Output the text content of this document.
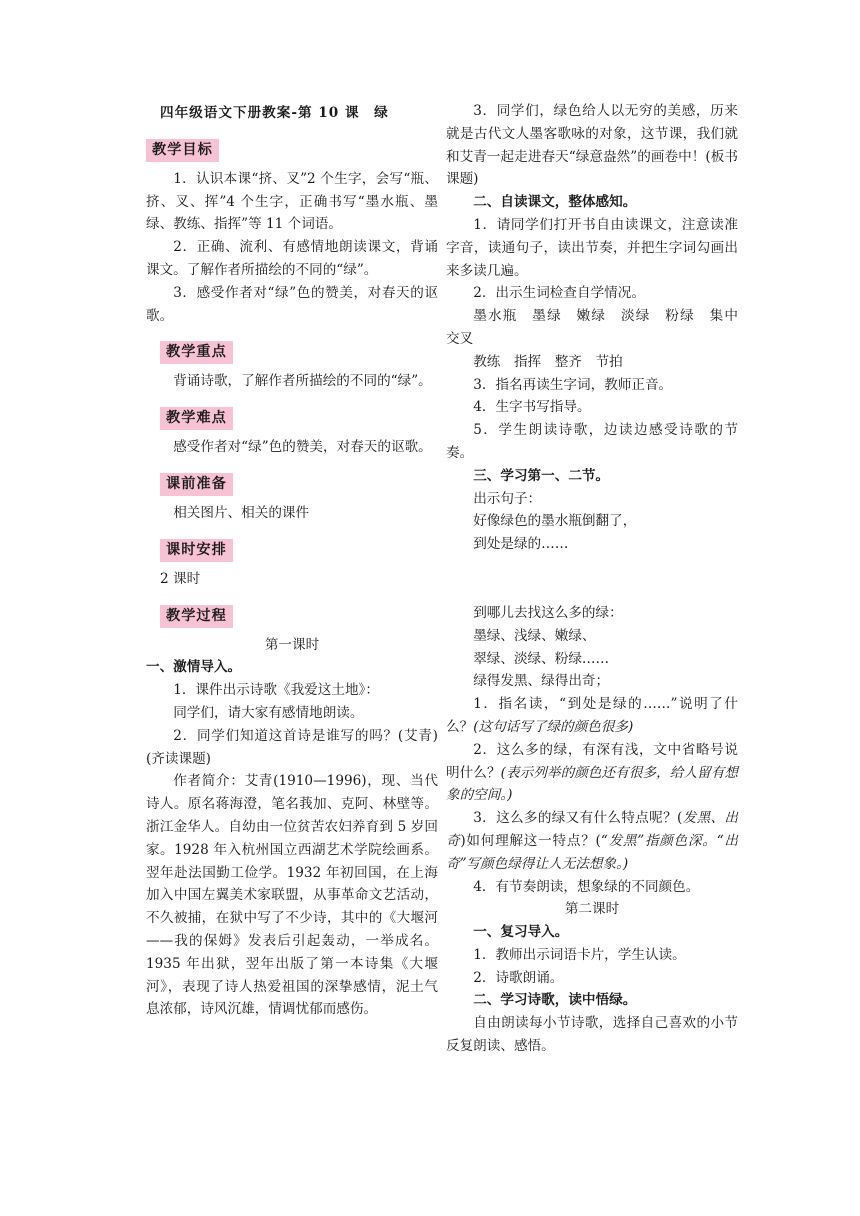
四年级语文下册教案-第 10 课　绿
教学目标

1．认识本课“挤、叉”2 个生字，会写“瓶、挤、叉、挥”4 个生字，正确书写“墨水瓶、墨绿、教练、指挥”等 11 个词语。

2．正确、流利、有感情地朗读课文，背诵课文。了解作者所描绘的不同的“绿”。

3．感受作者对“绿”色的赞美，对春天的讴歌。

教学重点

背诵诗歌，了解作者所描绘的不同的“绿”。

教学难点

感受作者对“绿”色的赞美，对春天的讴歌。

课前准备

相关图片、相关的课件

课时安排

2 课时

教学过程

第一课时

一、激情导入。

1．课件出示诗歌《我爱这土地》：

同学们，请大家有感情地朗读。

2．同学们知道这首诗是谁写的吗？(艾青)(齐读课题)

作者简介：艾青(1910—1996)，现、当代诗人。原名蒋海澄，笔名莪加、克阿、林壁等。浙江金华人。自幼由一位贫苦农妇养育到 5 岁回家。1928 年入杭州国立西湖艺术学院绘画系。翌年赴法国勤工俭学。1932 年初回国，在上海加入中国左翼美术家联盟，从事革命文艺活动，不久被捕，在狱中写了不少诗，其中的《大堰河——我的保姆》发表后引起轰动，一举成名。1935 年出狱，翌年出版了第一本诗集《大堰河》，表现了诗人热爱祖国的深挚感情，泥土气息浓郁，诗风沉雄，情调忧郁而感伤。

3．同学们，绿色给人以无穷的美感，历来就是古代文人墨客歌咏的对象，这节课，我们就和艾青一起走进春天“绿意盎然”的画卷中！(板书课题)

二、自读课文，整体感知。

1．请同学们打开书自由读课文，注意读准字音，读通句子，读出节奏，并把生字词勾画出来多读几遍。

2．出示生词检查自学情况。

墨水瓶　墨绿　嫩绿　淡绿　粉绿　集中　交叉

教练　指挥　整齐　节拍

3．指名再读生字词，教师正音。

4．生字书写指导。

5．学生朗读诗歌，边读边感受诗歌的节奏。

三、学习第一、二节。

出示句子：

好像绿色的墨水瓶倒翻了，

到处是绿的……

到哪儿去找这么多的绿：

墨绿、浅绿、嫩绿、

翠绿、淡绿、粉绿……

绿得发黑、绿得出奇；

1．指名读，“到处是绿的……”说明了什么？(这句话写了绿的颜色很多)

2．这么多的绿，有深有浅，文中省略号说明什么？(表示列举的颜色还有很多，给人留有想象的空间。)

3．这么多的绿又有什么特点呢？(发黑、出奇)如何理解这一特点？(“发黑”指颜色深。“出奇”写颜色绿得让人无法想象。)

4．有节奏朗读，想象绿的不同颜色。

第二课时

一、复习导入。

1．教师出示词语卡片，学生认读。

2．诗歌朗诵。

二、学习诗歌，读中悟绿。

自由朗读每小节诗歌，选择自己喜欢的小节反复朗读、感悟。
